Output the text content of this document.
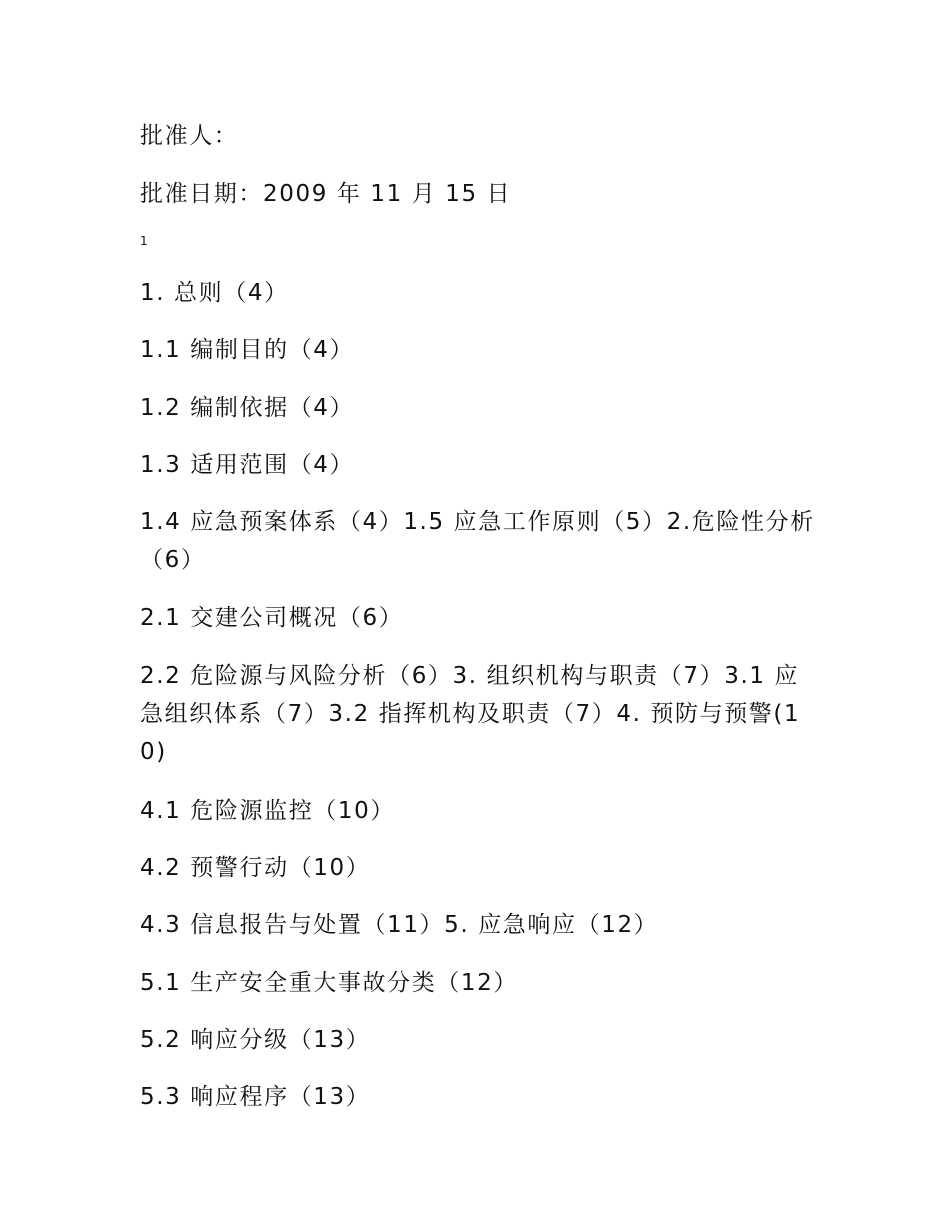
批准人：
批准日期：2009 年 11 月 15 日
1
1. 总则（4）
1.1 编制目的（4）
1.2 编制依据（4）
1.3 适用范围（4）
1.4 应急预案体系（4）1.5 应急工作原则（5）2.危险性分析（6）
2.1 交建公司概况（6）
2.2 危险源与风险分析（6）3. 组织机构与职责（7）3.1 应急组织体系（7）3.2 指挥机构及职责（7）4. 预防与预警(10)
4.1 危险源监控（10）
4.2 预警行动（10）
4.3 信息报告与处置（11）5. 应急响应（12）
5.1 生产安全重大事故分类（12）
5.2 响应分级（13）
5.3 响应程序（13）
